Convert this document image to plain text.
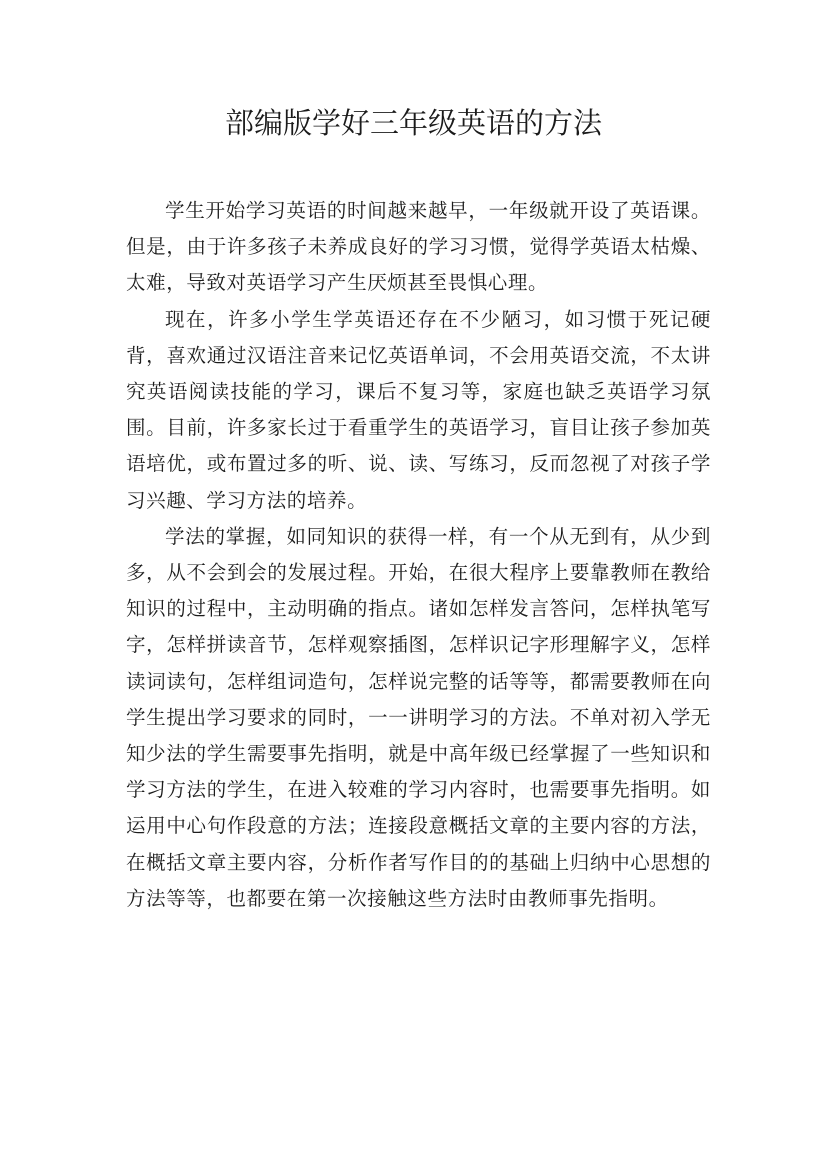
部编版学好三年级英语的方法

学生开始学习英语的时间越来越早，一年级就开设了英语课。但是，由于许多孩子未养成良好的学习习惯，觉得学英语太枯燥、太难，导致对英语学习产生厌烦甚至畏惧心理。

现在，许多小学生学英语还存在不少陋习，如习惯于死记硬背，喜欢通过汉语注音来记忆英语单词，不会用英语交流，不太讲究英语阅读技能的学习，课后不复习等，家庭也缺乏英语学习氛围。目前，许多家长过于看重学生的英语学习，盲目让孩子参加英语培优，或布置过多的听、说、读、写练习，反而忽视了对孩子学习兴趣、学习方法的培养。

学法的掌握，如同知识的获得一样，有一个从无到有，从少到多，从不会到会的发展过程。开始，在很大程序上要靠教师在教给知识的过程中，主动明确的指点。诸如怎样发言答问，怎样执笔写字，怎样拼读音节，怎样观察插图，怎样识记字形理解字义，怎样读词读句，怎样组词造句，怎样说完整的话等等，都需要教师在向学生提出学习要求的同时，一一讲明学习的方法。不单对初入学无知少法的学生需要事先指明，就是中高年级已经掌握了一些知识和学习方法的学生，在进入较难的学习内容时，也需要事先指明。如运用中心句作段意的方法；连接段意概括文章的主要内容的方法，在概括文章主要内容，分析作者写作目的的基础上归纳中心思想的方法等等，也都要在第一次接触这些方法时由教师事先指明。
